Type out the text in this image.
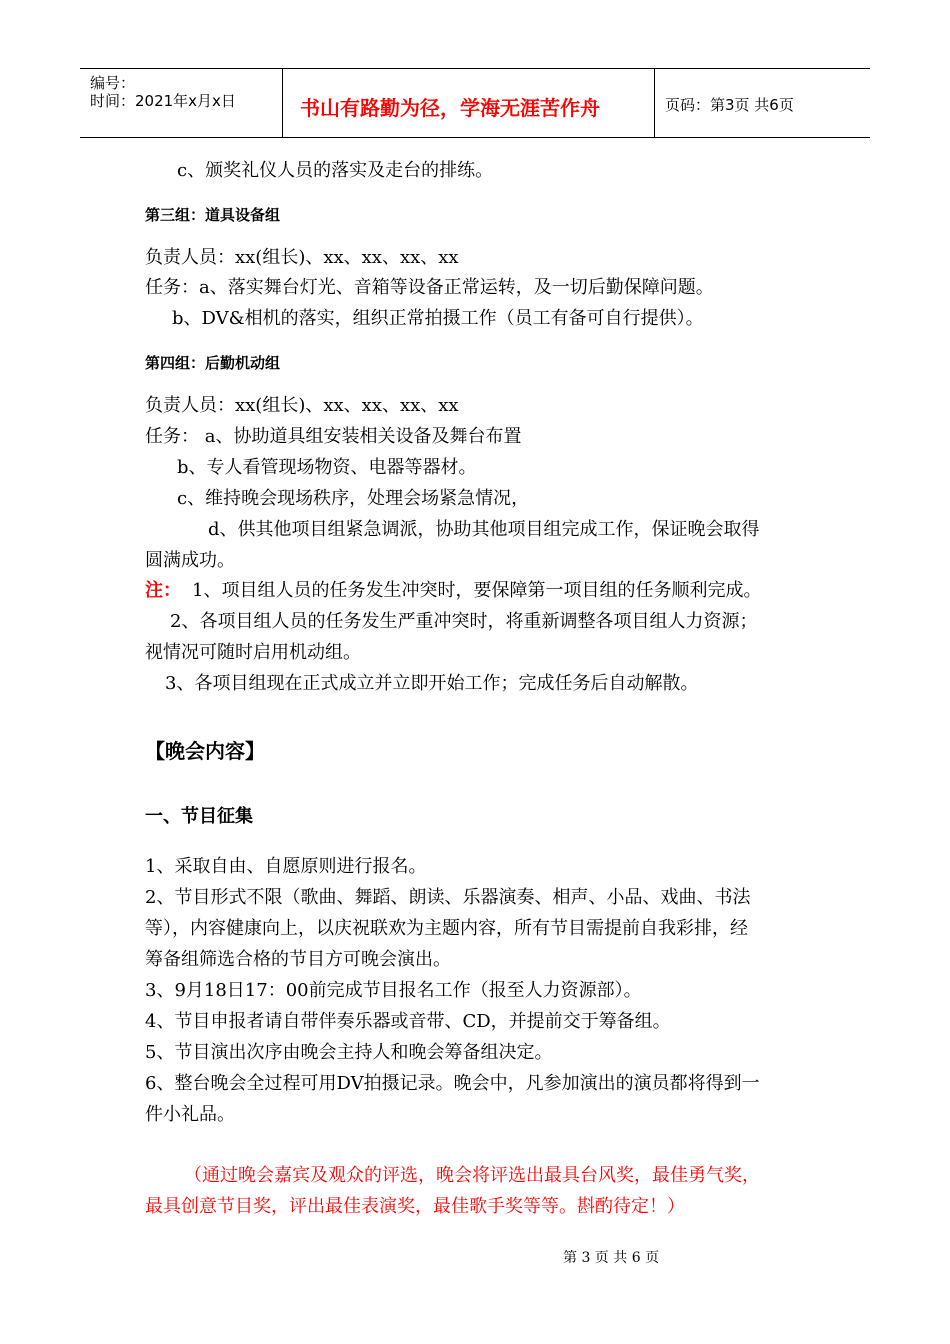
编号：
时间：2021年x月x日	书山有路勤为径，学海无涯苦作舟	页码：第3页 共6页
c、颁奖礼仪人员的落实及走台的排练。
第三组：道具设备组
负责人员：xx(组长)、xx、xx、xx、xx
任务：a、落实舞台灯光、音箱等设备正常运转，及一切后勤保障问题。
b、DV&相机的落实，组织正常拍摄工作（员工有备可自行提供）。
第四组：后勤机动组
负责人员：xx(组长)、xx、xx、xx、xx
任务： a、协助道具组安装相关设备及舞台布置
b、专人看管现场物资、电器等器材。
c、维持晚会现场秩序，处理会场紧急情况，
d、供其他项目组紧急调派，协助其他项目组完成工作，保证晚会取得
圆满成功。
注： 1、项目组人员的任务发生冲突时，要保障第一项目组的任务顺利完成。
2、各项目组人员的任务发生严重冲突时，将重新调整各项目组人力资源；
视情况可随时启用机动组。
3、各项目组现在正式成立并立即开始工作；完成任务后自动解散。
【晚会内容】
一、节目征集
1、采取自由、自愿原则进行报名。
2、节目形式不限（歌曲、舞蹈、朗读、乐器演奏、相声、小品、戏曲、书法
等），内容健康向上，以庆祝联欢为主题内容，所有节目需提前自我彩排，经
筹备组筛选合格的节目方可晚会演出。
3、9月18日17：00前完成节目报名工作（报至人力资源部）。
4、节目申报者请自带伴奏乐器或音带、CD，并提前交于筹备组。
5、节目演出次序由晚会主持人和晚会筹备组决定。
6、整台晚会全过程可用DV拍摄记录。晚会中，凡参加演出的演员都将得到一
件小礼品。
（通过晚会嘉宾及观众的评选，晚会将评选出最具台风奖，最佳勇气奖，
最具创意节目奖，评出最佳表演奖，最佳歌手奖等等。斟酌待定！）
第 3 页 共 6 页
